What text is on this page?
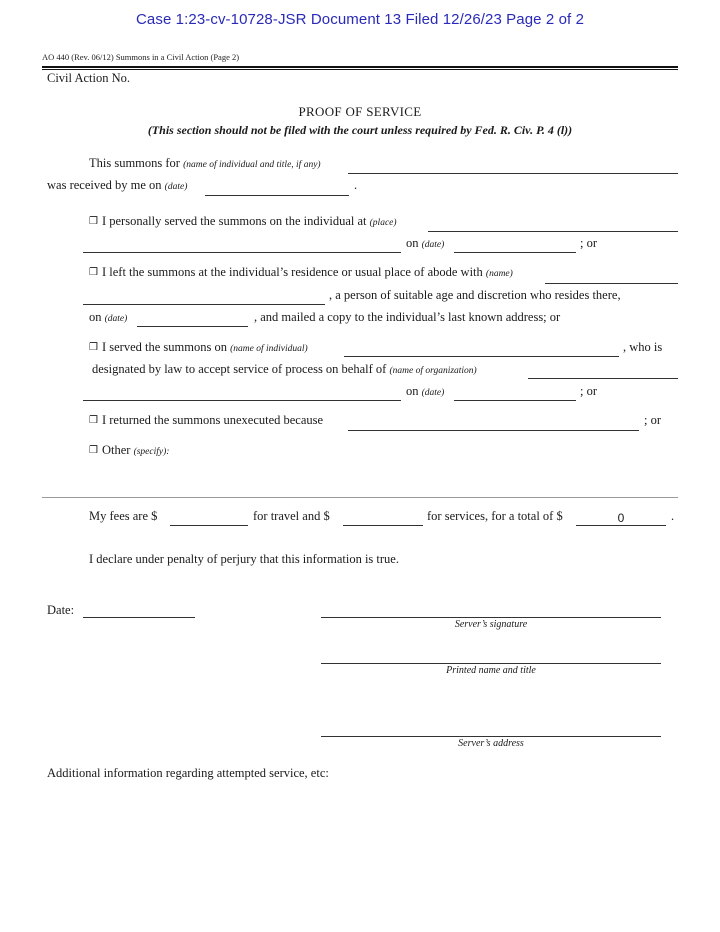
Case 1:23-cv-10728-JSR Document 13 Filed 12/26/23 Page 2 of 2
AO 440 (Rev. 06/12) Summons in a Civil Action (Page 2)
Civil Action No.
PROOF OF SERVICE
(This section should not be filed with the court unless required by Fed. R. Civ. P. 4 (l))
This summons for (name of individual and title, if any)
was received by me on (date)	.
❒ I personally served the summons on the individual at (place)
on (date)	; or
❒ I left the summons at the individual’s residence or usual place of abode with (name)
, a person of suitable age and discretion who resides there,
on (date)	, and mailed a copy to the individual’s last known address; or
❒ I served the summons on (name of individual)	, who is
designated by law to accept service of process on behalf of (name of organization)
on (date)	; or
❒ I returned the summons unexecuted because	; or
❒ Other (specify):
My fees are $	for travel and $	for services, for a total of $	0	.
I declare under penalty of perjury that this information is true.
Date:
Server’s signature
Printed name and title
Server’s address
Additional information regarding attempted service, etc:
